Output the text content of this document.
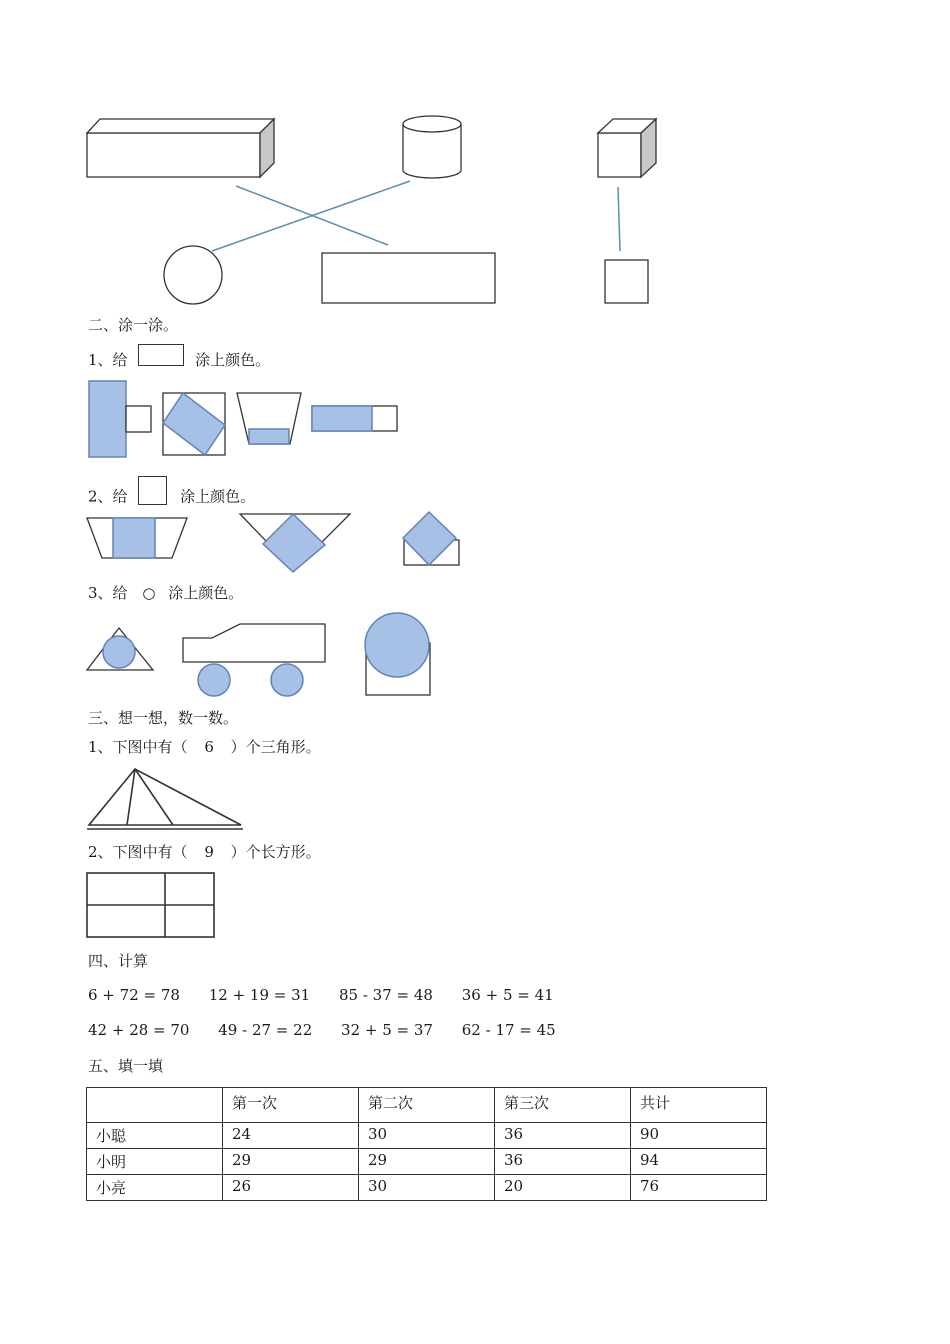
二、涂一涂。
1、给	涂上颜色。
2、给	涂上颜色。
3、给 ○ 涂上颜色。
三、想一想，数一数。
1、下图中有（ 6 ）个三角形。
2、下图中有（ 9 ）个长方形。
四、计算
6 + 72 = 78 12 + 19 = 31 85 - 37 = 48 36 + 5 = 41
42 + 28 = 70 49 - 27 = 22 32 + 5 = 37 62 - 17 = 45
五、填一填
	第一次	第二次	第三次	共计
小聪	24	30	36	90
小明	29	29	36	94
小亮	26	30	20	76
